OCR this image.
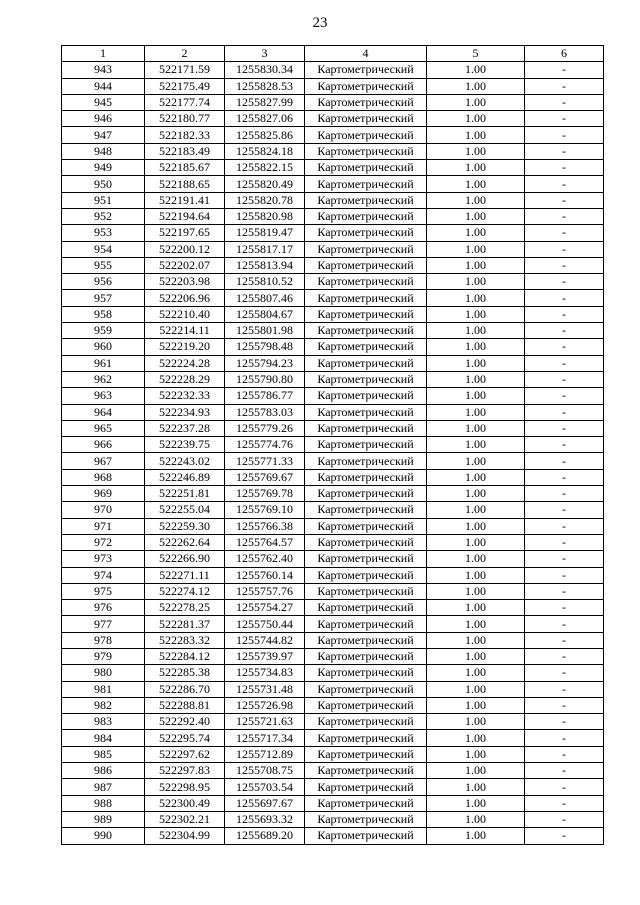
23
1	2	3	4	5	6
943	522171.59	1255830.34	Картометрический	1.00	-
944	522175.49	1255828.53	Картометрический	1.00	-
945	522177.74	1255827.99	Картометрический	1.00	-
946	522180.77	1255827.06	Картометрический	1.00	-
947	522182.33	1255825.86	Картометрический	1.00	-
948	522183.49	1255824.18	Картометрический	1.00	-
949	522185.67	1255822.15	Картометрический	1.00	-
950	522188.65	1255820.49	Картометрический	1.00	-
951	522191.41	1255820.78	Картометрический	1.00	-
952	522194.64	1255820.98	Картометрический	1.00	-
953	522197.65	1255819.47	Картометрический	1.00	-
954	522200.12	1255817.17	Картометрический	1.00	-
955	522202.07	1255813.94	Картометрический	1.00	-
956	522203.98	1255810.52	Картометрический	1.00	-
957	522206.96	1255807.46	Картометрический	1.00	-
958	522210.40	1255804.67	Картометрический	1.00	-
959	522214.11	1255801.98	Картометрический	1.00	-
960	522219.20	1255798.48	Картометрический	1.00	-
961	522224.28	1255794.23	Картометрический	1.00	-
962	522228.29	1255790.80	Картометрический	1.00	-
963	522232.33	1255786.77	Картометрический	1.00	-
964	522234.93	1255783.03	Картометрический	1.00	-
965	522237.28	1255779.26	Картометрический	1.00	-
966	522239.75	1255774.76	Картометрический	1.00	-
967	522243.02	1255771.33	Картометрический	1.00	-
968	522246.89	1255769.67	Картометрический	1.00	-
969	522251.81	1255769.78	Картометрический	1.00	-
970	522255.04	1255769.10	Картометрический	1.00	-
971	522259.30	1255766.38	Картометрический	1.00	-
972	522262.64	1255764.57	Картометрический	1.00	-
973	522266.90	1255762.40	Картометрический	1.00	-
974	522271.11	1255760.14	Картометрический	1.00	-
975	522274.12	1255757.76	Картометрический	1.00	-
976	522278.25	1255754.27	Картометрический	1.00	-
977	522281.37	1255750.44	Картометрический	1.00	-
978	522283.32	1255744.82	Картометрический	1.00	-
979	522284.12	1255739.97	Картометрический	1.00	-
980	522285.38	1255734.83	Картометрический	1.00	-
981	522286.70	1255731.48	Картометрический	1.00	-
982	522288.81	1255726.98	Картометрический	1.00	-
983	522292.40	1255721.63	Картометрический	1.00	-
984	522295.74	1255717.34	Картометрический	1.00	-
985	522297.62	1255712.89	Картометрический	1.00	-
986	522297.83	1255708.75	Картометрический	1.00	-
987	522298.95	1255703.54	Картометрический	1.00	-
988	522300.49	1255697.67	Картометрический	1.00	-
989	522302.21	1255693.32	Картометрический	1.00	-
990	522304.99	1255689.20	Картометрический	1.00	-
